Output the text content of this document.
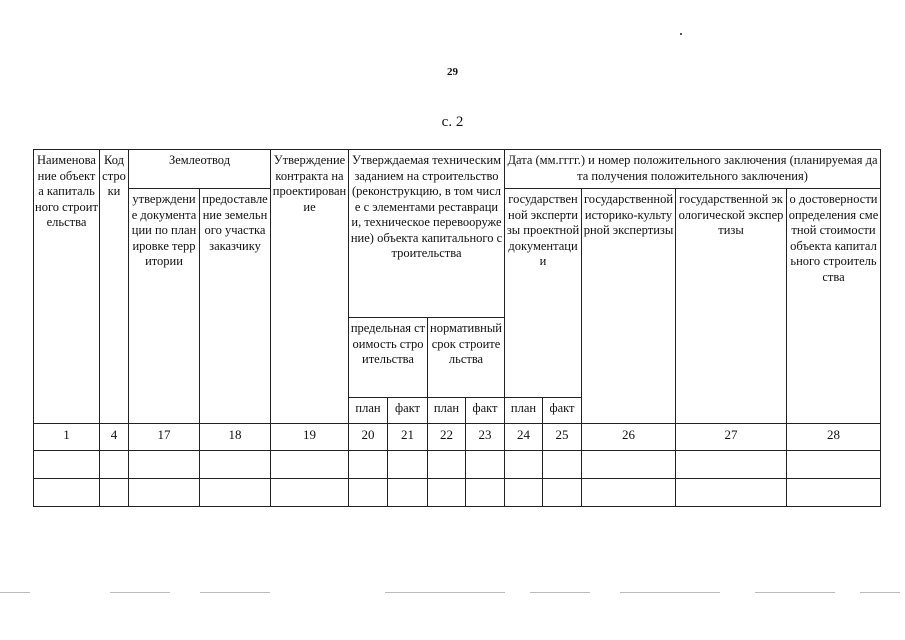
29
с. 2
Наименование объекта капитального строительства	Код строки	Землеотвод		Утверждение контракта на проектирование	Утверждаемая техническим заданием на строительство (реконструкцию, в том числе с элементами реставрации, техническое перевооружение) объекта капитального строительства				Дата (мм.гггг.) и номер положительного заключения (планируемая дата получения положительного заключения)				
		утверждение документации по планировке территории	предоставление земельного участка заказчику						государственной экспертизы проектной документации		государственной историко-культурной экспертизы	государственной экологической экспертизы	о достоверности определения сметной стоимости объекта капитального строительства
					предельная стоимость строительства		нормативный срок строительства						
					план	факт	план	факт	план	факт			
1	4	17	18	19	20	21	22	23	24	25	26	27	28
